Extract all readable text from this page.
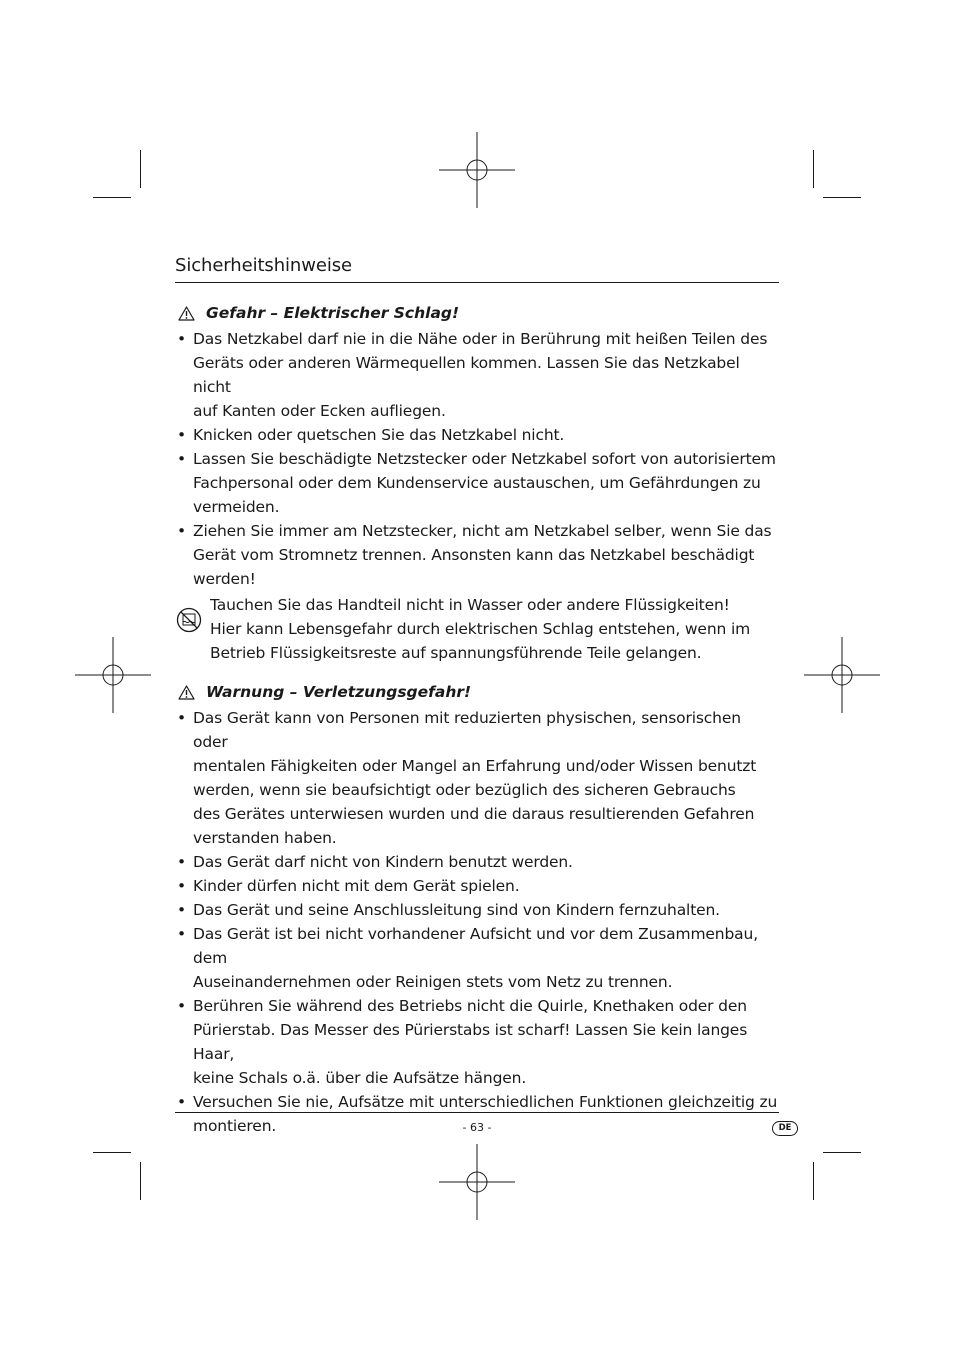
Sicherheitshinweise
Gefahr – Elektrischer Schlag!
• Das Netzkabel darf nie in die Nähe oder in Berührung mit heißen Teilen des
Geräts oder anderen Wärmequellen kommen. Lassen Sie das Netzkabel nicht
auf Kanten oder Ecken aufliegen.
• Knicken oder quetschen Sie das Netzkabel nicht.
• Lassen Sie beschädigte Netzstecker oder Netzkabel sofort von autorisiertem
Fachpersonal oder dem Kundenservice austauschen, um Gefährdungen zu
vermeiden.
• Ziehen Sie immer am Netzstecker, nicht am Netzkabel selber, wenn Sie das
Gerät vom Stromnetz trennen. Ansonsten kann das Netzkabel beschädigt
werden!

Tauchen Sie das Handteil nicht in Wasser oder andere Flüssigkeiten!

Hier kann Lebensgefahr durch elektrischen Schlag entstehen, wenn im

Betrieb Flüssigkeitsreste auf spannungsführende Teile gelangen.

Warnung – Verletzungsgefahr!
• Das Gerät kann von Personen mit reduzierten physischen, sensorischen oder
mentalen Fähigkeiten oder Mangel an Erfahrung und/oder Wissen benutzt
werden, wenn sie beaufsichtigt oder bezüglich des sicheren Gebrauchs
des Gerätes unterwiesen wurden und die daraus resultierenden Gefahren
verstanden haben.
• Das Gerät darf nicht von Kindern benutzt werden.
• Kinder dürfen nicht mit dem Gerät spielen.
• Das Gerät und seine Anschlussleitung sind von Kindern fernzuhalten.
• Das Gerät ist bei nicht vorhandener Aufsicht und vor dem Zusammenbau, dem
Auseinandernehmen oder Reinigen stets vom Netz zu trennen.
• Berühren Sie während des Betriebs nicht die Quirle, Knethaken oder den
Pürierstab. Das Messer des Pürierstabs ist scharf! Lassen Sie kein langes Haar,
keine Schals o.ä. über die Aufsätze hängen.
• Versuchen Sie nie, Aufsätze mit unterschiedlichen Funktionen gleichzeitig zu
montieren.	- 63 -	DE
